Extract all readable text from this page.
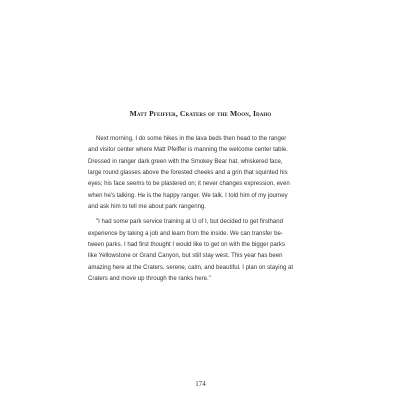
Matt Pfeiffer, Craters of the Moon, Idaho
Next morning, I do some hikes in the lava beds then head to the ranger
and visitor center where Matt Pfeiffer is manning the welcome center table.
Dressed in ranger dark green with the Smokey Bear hat, whiskered face,
large round glasses above the forested cheeks and a grin that squinted his
eyes; his face seems to be plastered on; it never changes expression, even
when he's talking. He is the happy ranger. We talk. I told him of my journey
and ask him to tell me about park rangering.
"I had some park service training at U of I, but decided to get firsthand
experience by taking a job and learn from the inside. We can transfer be-
tween parks. I had first thought I would like to get on with the bigger parks
like Yellowstone or Grand Canyon, but still stay west. This year has been
amazing here at the Craters, serene, calm, and beautiful. I plan on staying at
Craters and move up through the ranks here."
174
